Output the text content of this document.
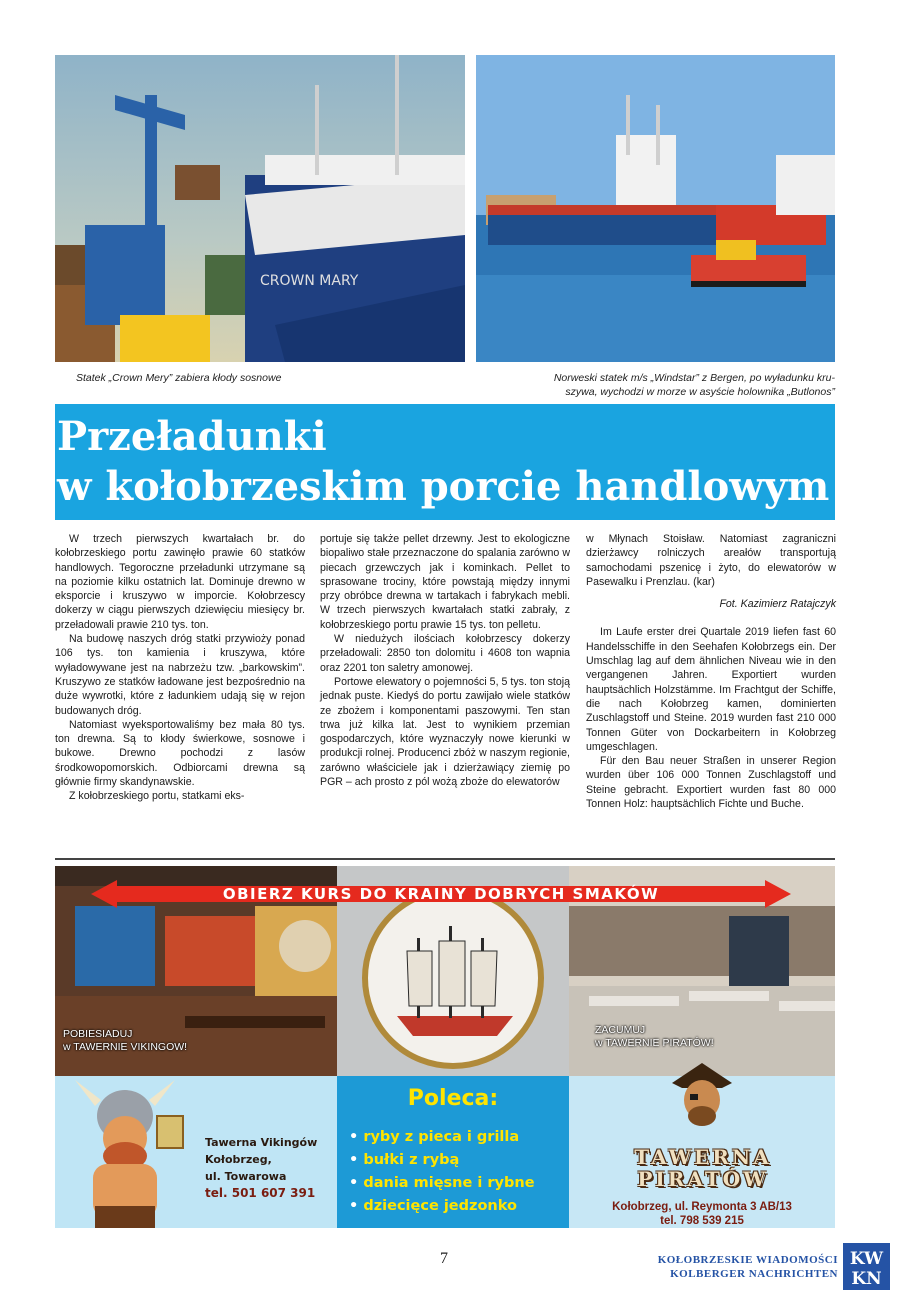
CROWN MARY
Statek „Crown Mery” zabiera kłody sosnowe	Norweski statek m/s „Windstar” z Bergen, po wyładunku kru-
szywa, wychodzi w morze w asyście holownika „Butlonos”
Przeładunki
w kołobrzeskim porcie handlowym

W trzech pierwszych kwartałach br. do kołobrzeskiego portu zawinęło prawie 60 statków handlowych. Tegoroczne przeładunki utrzymane są na poziomie kilku ostatnich lat. Dominuje drewno w eksporcie i kruszywo w imporcie. Kołobrzescy dokerzy w ciągu pierwszych dziewięciu miesięcy br. przeładowali prawie 210 tys. ton.

Na budowę naszych dróg statki przywioży ponad 106 tys. ton kamienia i kruszywa, które wyładowywane jest na nabrzeżu tzw. „barkowskim”. Kruszywo ze statków ładowane jest bezpośrednio na duże wywrotki, które z ładunkiem udają się w rejon budowanych dróg.

Natomiast wyeksportowaliśmy bez mała 80 tys. ton drewna. Są to kłody świerkowe, sosnowe i bukowe. Drewno pochodzi z lasów środkowopomorskich. Odbiorcami drewna są głównie firmy skandynawskie.

Z kołobrzeskiego portu, statkami eks-

portuje się także pellet drzewny. Jest to ekologiczne biopaliwo stałe przeznaczone do spalania zarówno w piecach grzewczych jak i kominkach. Pellet to sprasowane trociny, które powstają między innymi przy obróbce drewna w tartakach i fabrykach mebli. W trzech pierwszych kwartałach statki zabrały, z kołobrzeskiego portu prawie 15 tys. ton pelletu.

W niedużych ilościach kołobrzescy dokerzy przeładowali: 2850 ton dolomitu i 4608 ton wapnia oraz 2201 ton saletry amonowej.

Portowe elewatory o pojemności 5, 5 tys. ton stoją jednak puste. Kiedyś do portu zawijało wiele statków ze zbożem i komponentami paszowymi. Ten stan trwa już kilka lat. Jest to wynikiem przemian gospodarczych, które wyznaczyły nowe kierunki w produkcji rolnej. Producenci zbóż w naszym regionie, zarówno właściciele jak i dzierżawiący ziemię po PGR – ach prosto z pól wożą zboże do elewatorów

w Młynach Stoisław. Natomiast zagraniczni dzierżawcy rolniczych areałów transportują samochodami pszenicę i żyto, do elewatorów w Pasewalku i Prenzlau. (kar)

Fot. Kazimierz Ratajczyk

Im Laufe erster drei Quartale 2019 liefen fast 60 Handelsschiffe in den Seehafen Kołobrzegs ein. Der Umschlag lag auf dem ähnlichen Niveau wie in den vergangenen Jahren. Exportiert wurden hauptsächlich Holzstämme. Im Frachtgut der Schiffe, die nach Kołobrzeg kamen, dominierten Zuschlagstoff und Steine. 2019 wurden fast 210 000 Tonnen Güter von Dockarbeitern in Kołobrzeg umgeschlagen.

Für den Bau neuer Straßen in unserer Region wurden über 106 000 Tonnen Zuschlagstoff und Steine gebracht. Exportiert wurden fast 80 000 Tonnen Holz: hauptsächlich Fichte und Buche.

OBIERZ KURS DO KRAINY DOBRYCH SMAKÓW
POBIESIADUJ
w TAWERNIE VIKINGOW!
ZACUMUJ
w TAWERNIE PIRATÓW!
Tawerna Vikingów
Kołobrzeg,
ul. Towarowa
tel. 501 607 391
Poleca:
• ryby z pieca i grilla
• bułki z rybą
• dania mięsne i rybne
• dziecięce jedzonko
TAWERNA
PIRATÓW
Kołobrzeg, ul. Reymonta 3 AB/13
tel. 798 539 215
7	KOŁOBRZESKIE WIADOMOŚCI
KOLBERGER NACHRICHTEN
KW
KN
